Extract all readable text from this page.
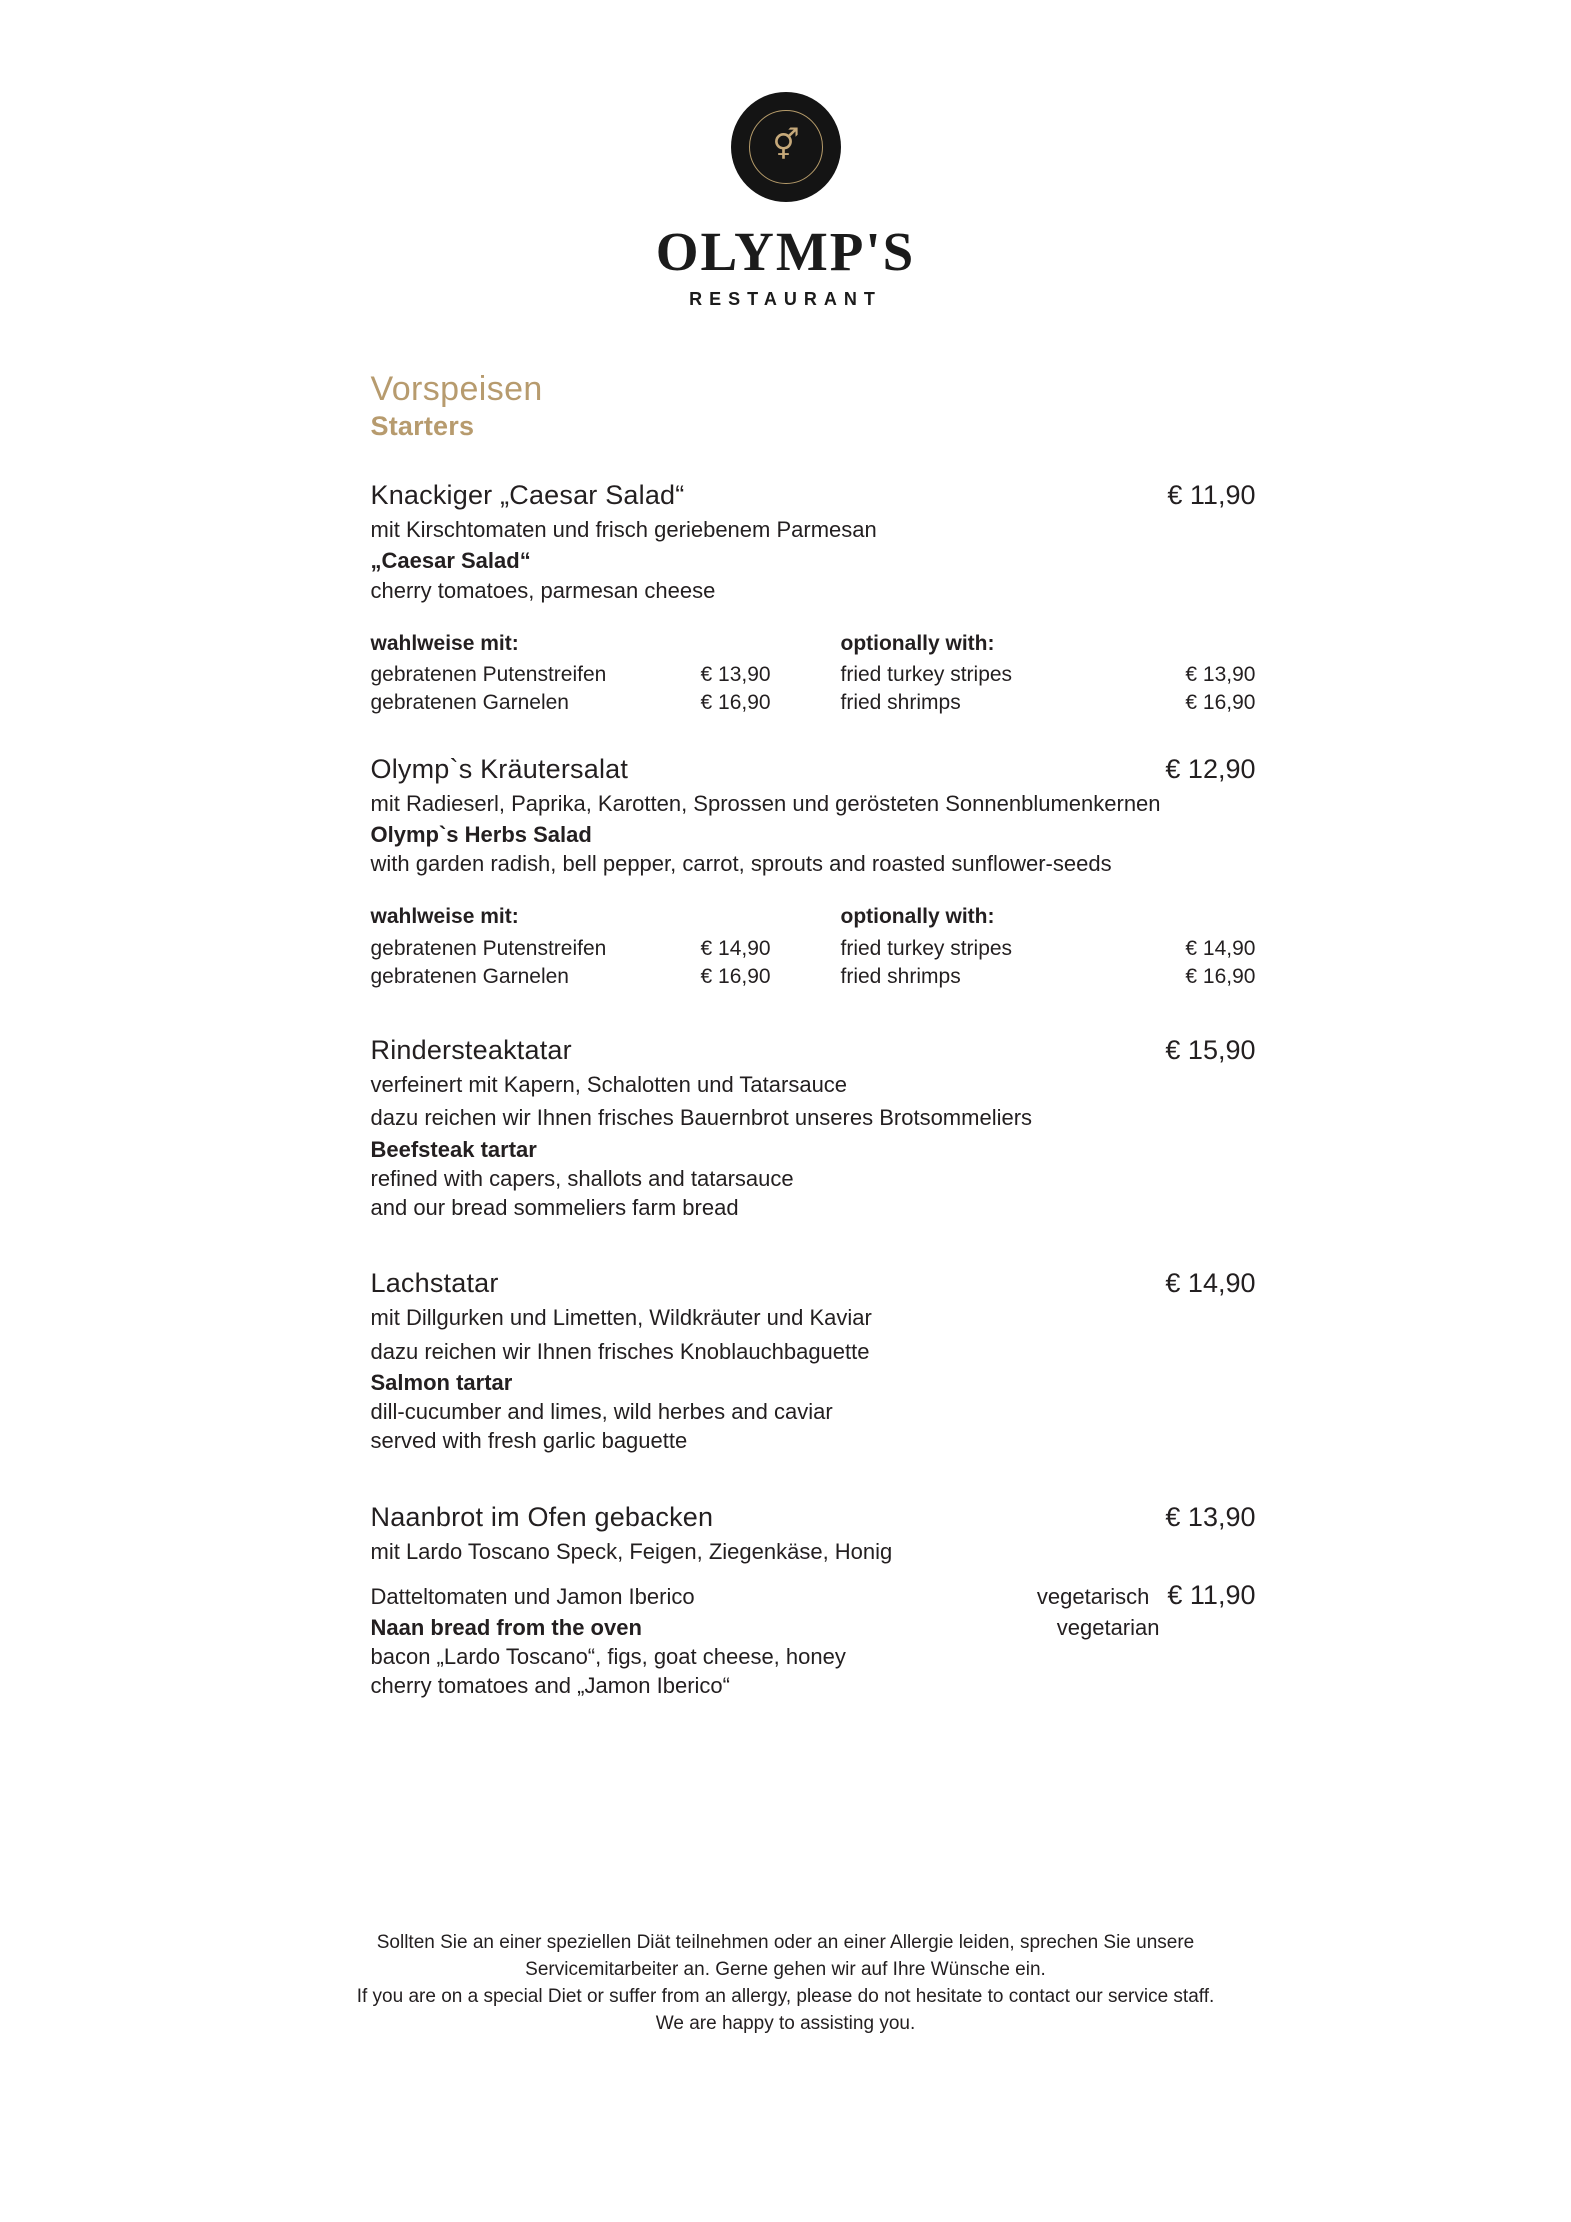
⚥
OLYMP'S
RESTAURANT
Vorspeisen
Starters
Knackiger „Caesar Salad“	€ 11,90
mit Kirschtomaten und frisch geriebenem Parmesan
„Caesar Salad“
cherry tomatoes, parmesan cheese
wahlweise mit:	optionally with:
gebratenen Putenstreifen	€ 13,90	fried turkey stripes	€ 13,90
gebratenen Garnelen	€ 16,90	fried shrimps	€ 16,90
Olymp`s Kräutersalat	€ 12,90
mit Radieserl, Paprika, Karotten, Sprossen und gerösteten Sonnenblumenkernen
Olymp`s Herbs Salad
with garden radish, bell pepper, carrot, sprouts and roasted sunflower-seeds
wahlweise mit:	optionally with:
gebratenen Putenstreifen	€ 14,90	fried turkey stripes	€ 14,90
gebratenen Garnelen	€ 16,90	fried shrimps	€ 16,90
Rindersteaktatar	€ 15,90
verfeinert mit Kapern, Schalotten und Tatarsauce
dazu reichen wir Ihnen frisches Bauernbrot unseres Brotsommeliers
Beefsteak tartar
refined with capers, shallots and tatarsauce
and our bread sommeliers farm bread
Lachstatar	€ 14,90
mit Dillgurken und Limetten, Wildkräuter und Kaviar
dazu reichen wir Ihnen frisches Knoblauchbaguette
Salmon tartar
dill-cucumber and limes, wild herbes and caviar
served with fresh garlic baguette
Naanbrot im Ofen gebacken	€ 13,90
mit Lardo Toscano Speck, Feigen, Ziegenkäse, Honig
Datteltomaten und Jamon Iberico	vegetarisch € 11,90
Naan bread from the oven	vegetarian
bacon „Lardo Toscano“, figs, goat cheese, honey
cherry tomatoes and „Jamon Iberico“
Sollten Sie an einer speziellen Diät teilnehmen oder an einer Allergie leiden, sprechen Sie unsere
Servicemitarbeiter an. Gerne gehen wir auf Ihre Wünsche ein.
If you are on a special Diet or suffer from an allergy, please do not hesitate to contact our service staff.
We are happy to assisting you.
